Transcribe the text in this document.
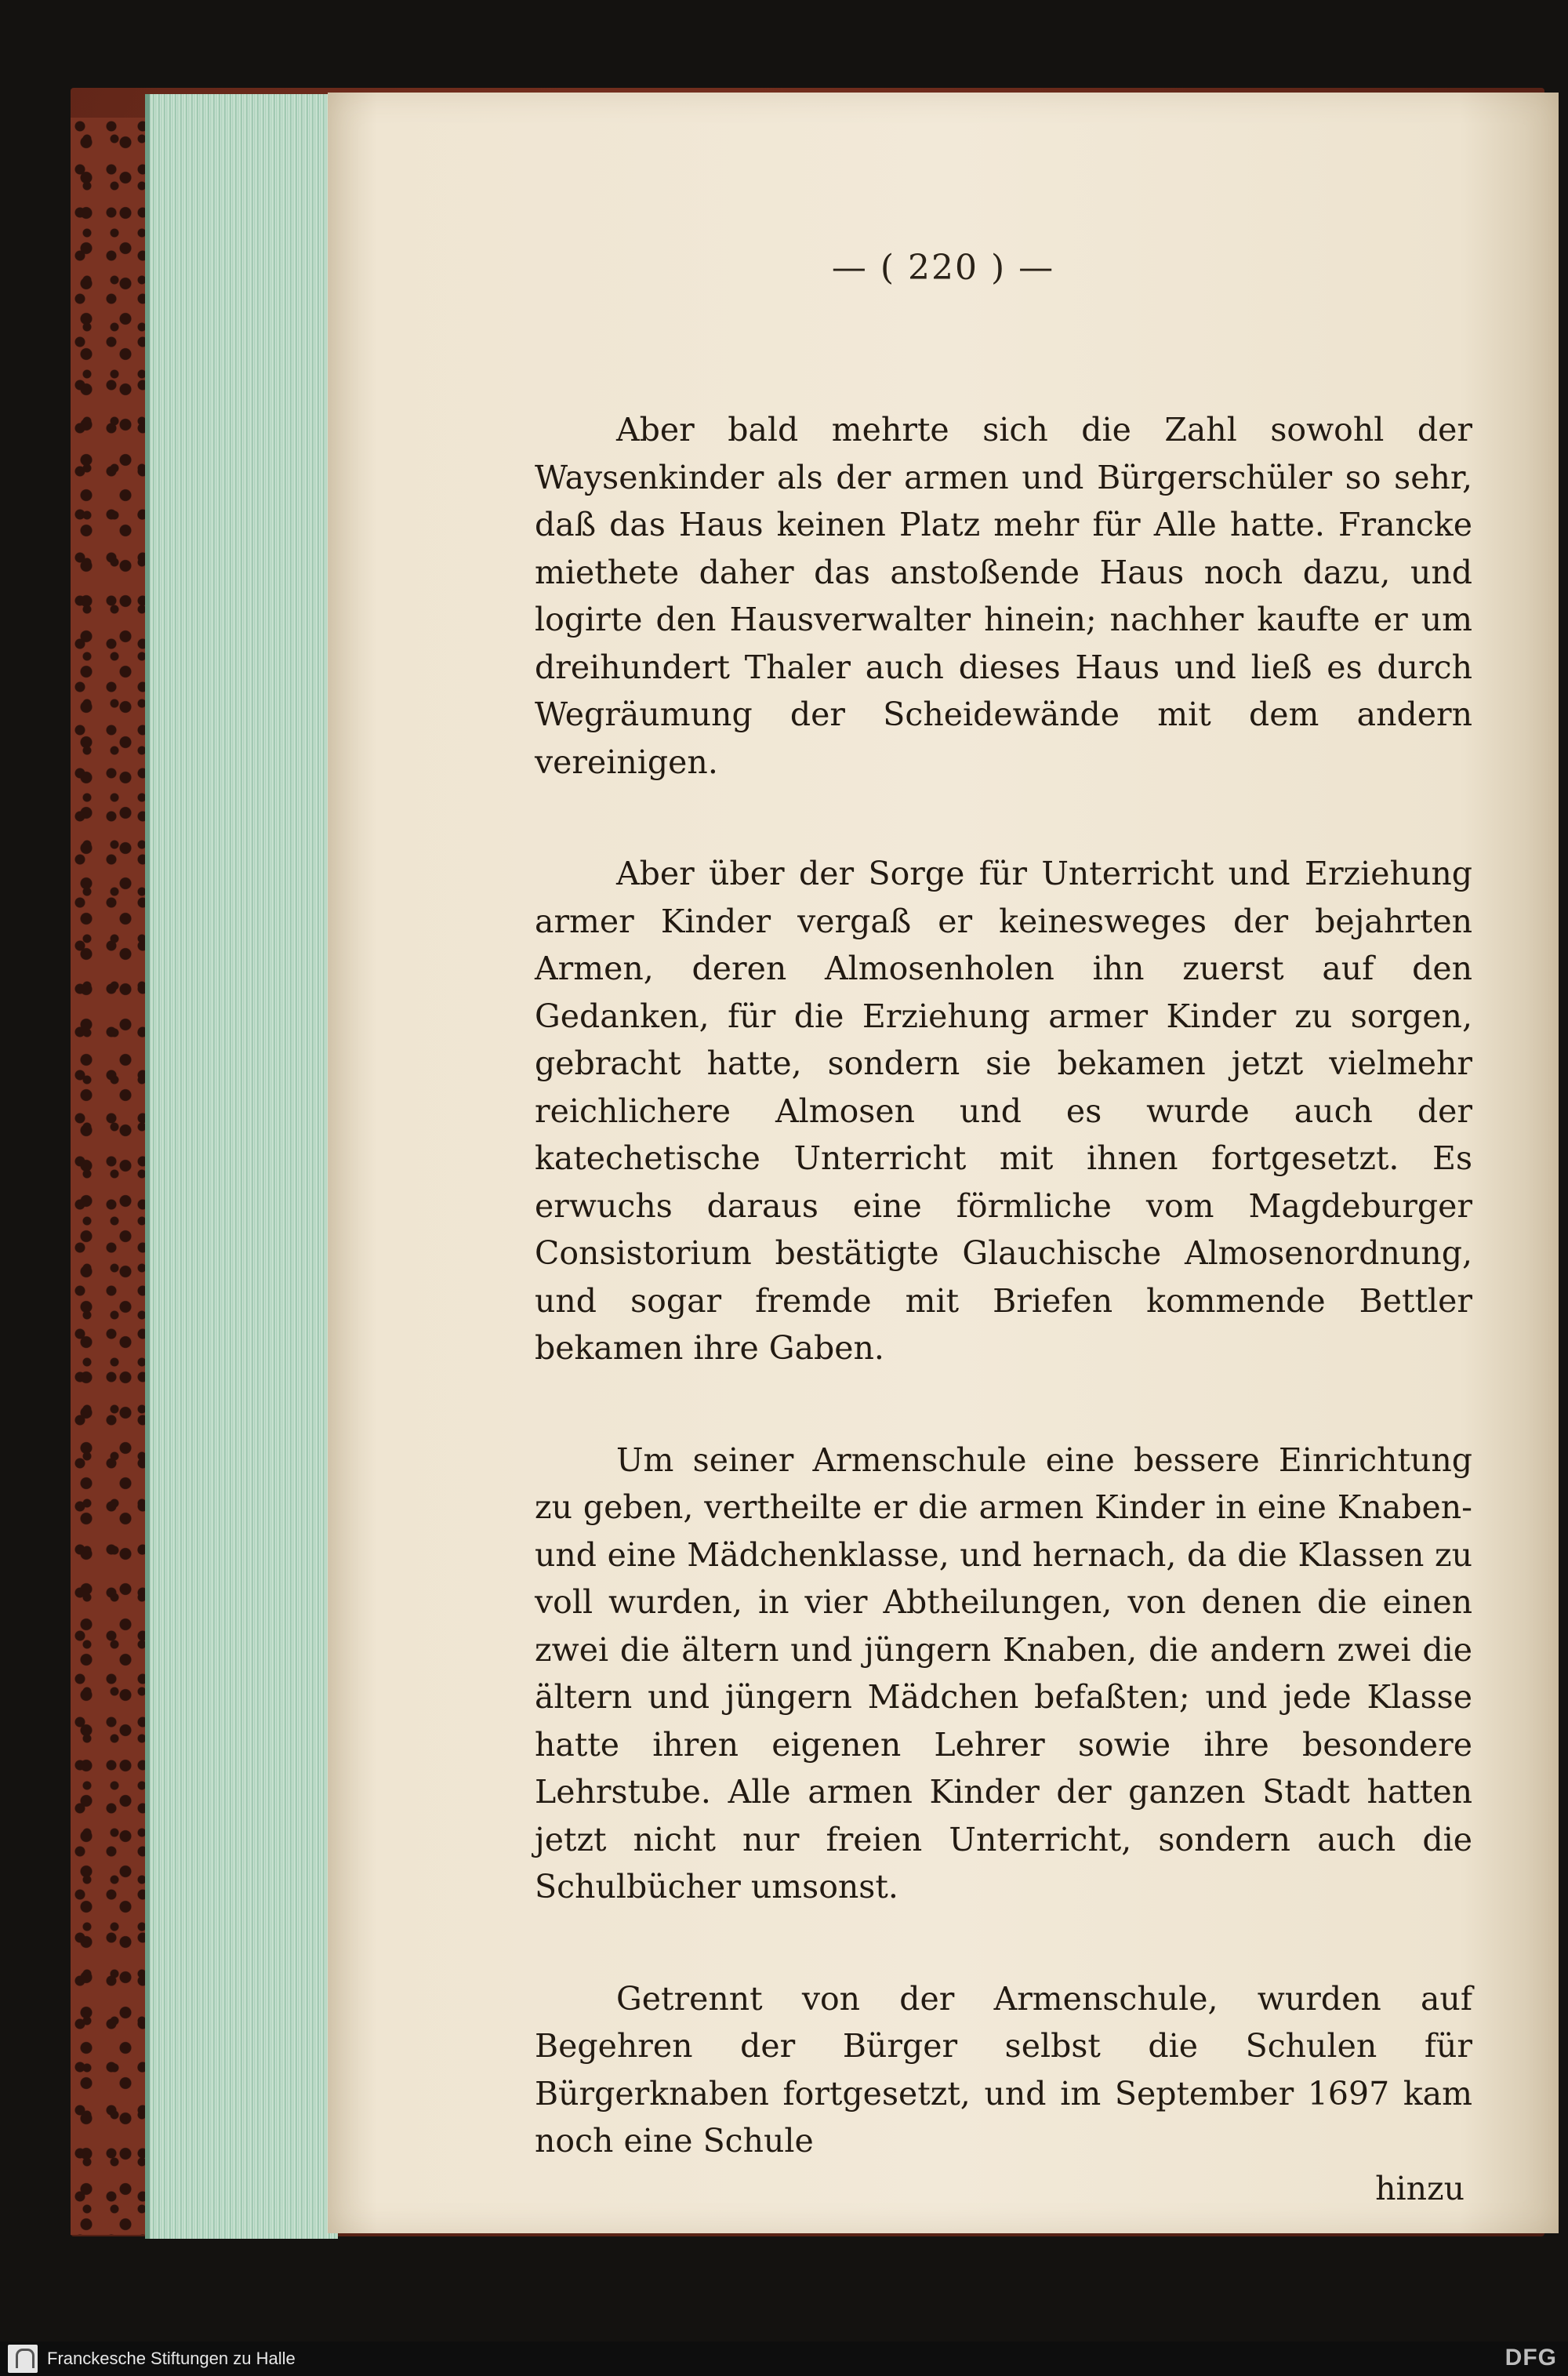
— ( 220 ) —

Aber bald mehrte sich die Zahl sowohl der Waysenkinder als der armen und Bürgerschüler so sehr, daß das Haus keinen Platz mehr für Alle hatte. Francke miethete daher das anstoßende Haus noch dazu, und logirte den Hausverwalter hinein; nachher kaufte er um dreihundert Thaler auch dieses Haus und ließ es durch Wegräumung der Scheidewände mit dem andern vereinigen.

Aber über der Sorge für Unterricht und Erziehung armer Kinder vergaß er keinesweges der bejahrten Armen, deren Almosenholen ihn zuerst auf den Gedanken, für die Erziehung armer Kinder zu sorgen, gebracht hatte, sondern sie bekamen jetzt vielmehr reichlichere Almosen und es wurde auch der katechetische Unterricht mit ihnen fortgesetzt. Es erwuchs daraus eine förmliche vom Magdeburger Consistorium bestätigte Glauchische Almosenordnung, und sogar fremde mit Briefen kommende Bettler bekamen ihre Gaben.

Um seiner Armenschule eine bessere Einrichtung zu geben, vertheilte er die armen Kinder in eine Knaben- und eine Mädchenklasse, und hernach, da die Klassen zu voll wurden, in vier Abtheilungen, von denen die einen zwei die ältern und jüngern Knaben, die andern zwei die ältern und jüngern Mädchen befaßten; und jede Klasse hatte ihren eigenen Lehrer sowie ihre besondere Lehrstube. Alle armen Kinder der ganzen Stadt hatten jetzt nicht nur freien Unterricht, sondern auch die Schulbücher umsonst.

Getrennt von der Armenschule, wurden auf Begehren der Bürger selbst die Schulen für Bürgerknaben fortgesetzt, und im September 1697 kam noch eine Schule

hinzu

Franckesche Stiftungen zu Halle	DFG
